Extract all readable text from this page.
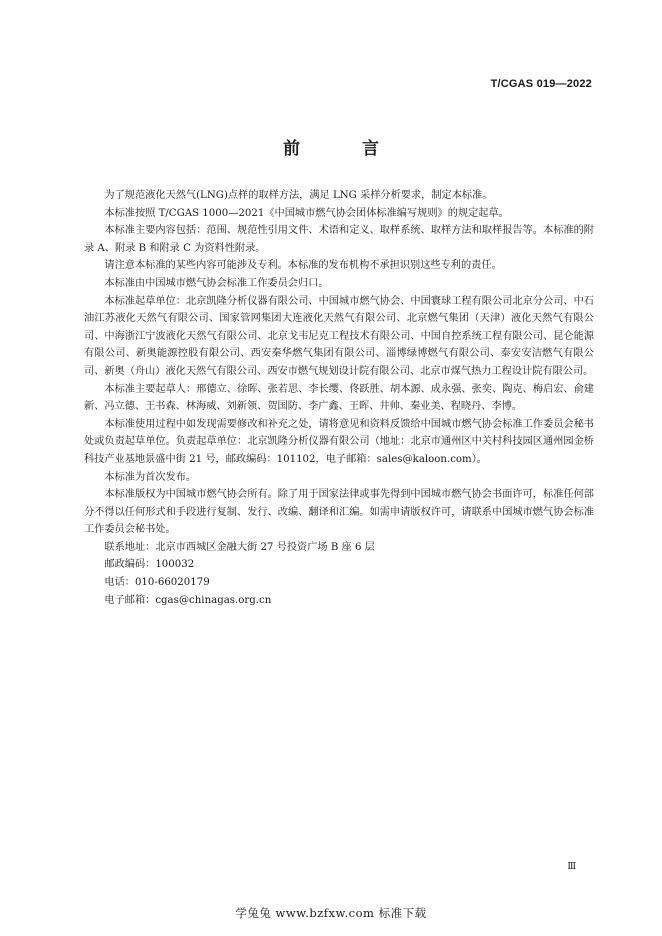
T/CGAS 019—2022
前 言

为了规范液化天然气(LNG)点样的取样方法，满足 LNG 采样分析要求，制定本标准。

本标准按照 T/CGAS 1000—2021《中国城市燃气协会团体标准编写规则》的规定起草。

本标准主要内容包括：范围、规范性引用文件、术语和定义、取样系统、取样方法和取样报告等。本标准的附录 A、附录 B 和附录 C 为资料性附录。

请注意本标准的某些内容可能涉及专利。本标准的发布机构不承担识别这些专利的责任。

本标准由中国城市燃气协会标准工作委员会归口。

本标准起草单位：北京凯隆分析仪器有限公司、中国城市燃气协会、中国寰球工程有限公司北京分公司、中石油江苏液化天然气有限公司、国家管网集团大连液化天然气有限公司、北京燃气集团（天津）液化天然气有限公司、中海浙江宁波液化天然气有限公司、北京戈韦尼克工程技术有限公司、中国自控系统工程有限公司、昆仑能源有限公司、新奥能源控股有限公司、西安秦华燃气集团有限公司、淄博绿博燃气有限公司、泰安安洁燃气有限公司、新奥（舟山）液化天然气有限公司、西安市燃气规划设计院有限公司、北京市煤气热力工程设计院有限公司。

本标准主要起草人：邢德立、徐晖、张若思、李长缨、佟跃胜、胡本源、成永强、张奕、陶克、梅启宏、俞建新、冯立德、王书森、林海威、刘新领、贺国防、李广鑫、王晖、井帅、秦业美、程晓丹、李博。

本标准使用过程中如发现需要修改和补充之处，请将意见和资料反馈给中国城市燃气协会标准工作委员会秘书处或负责起草单位。负责起草单位：北京凯隆分析仪器有限公司（地址：北京市通州区中关村科技园区通州园金桥科技产业基地景盛中街 21 号，邮政编码：101102，电子邮箱：sales@kaloon.com）。

本标准为首次发布。

本标准版权为中国城市燃气协会所有。除了用于国家法律或事先得到中国城市燃气协会书面许可，标准任何部分不得以任何形式和手段进行复制、发行、改编、翻译和汇编。如需申请版权许可，请联系中国城市燃气协会标准工作委员会秘书处。

联系地址：北京市西城区金融大街 27 号投资广场 B 座 6 层

邮政编码：100032

电话：010-66020179

电子邮箱：cgas@chinagas.org.cn

Ⅲ
学兔兔 www.bzfxw.com 标准下载
